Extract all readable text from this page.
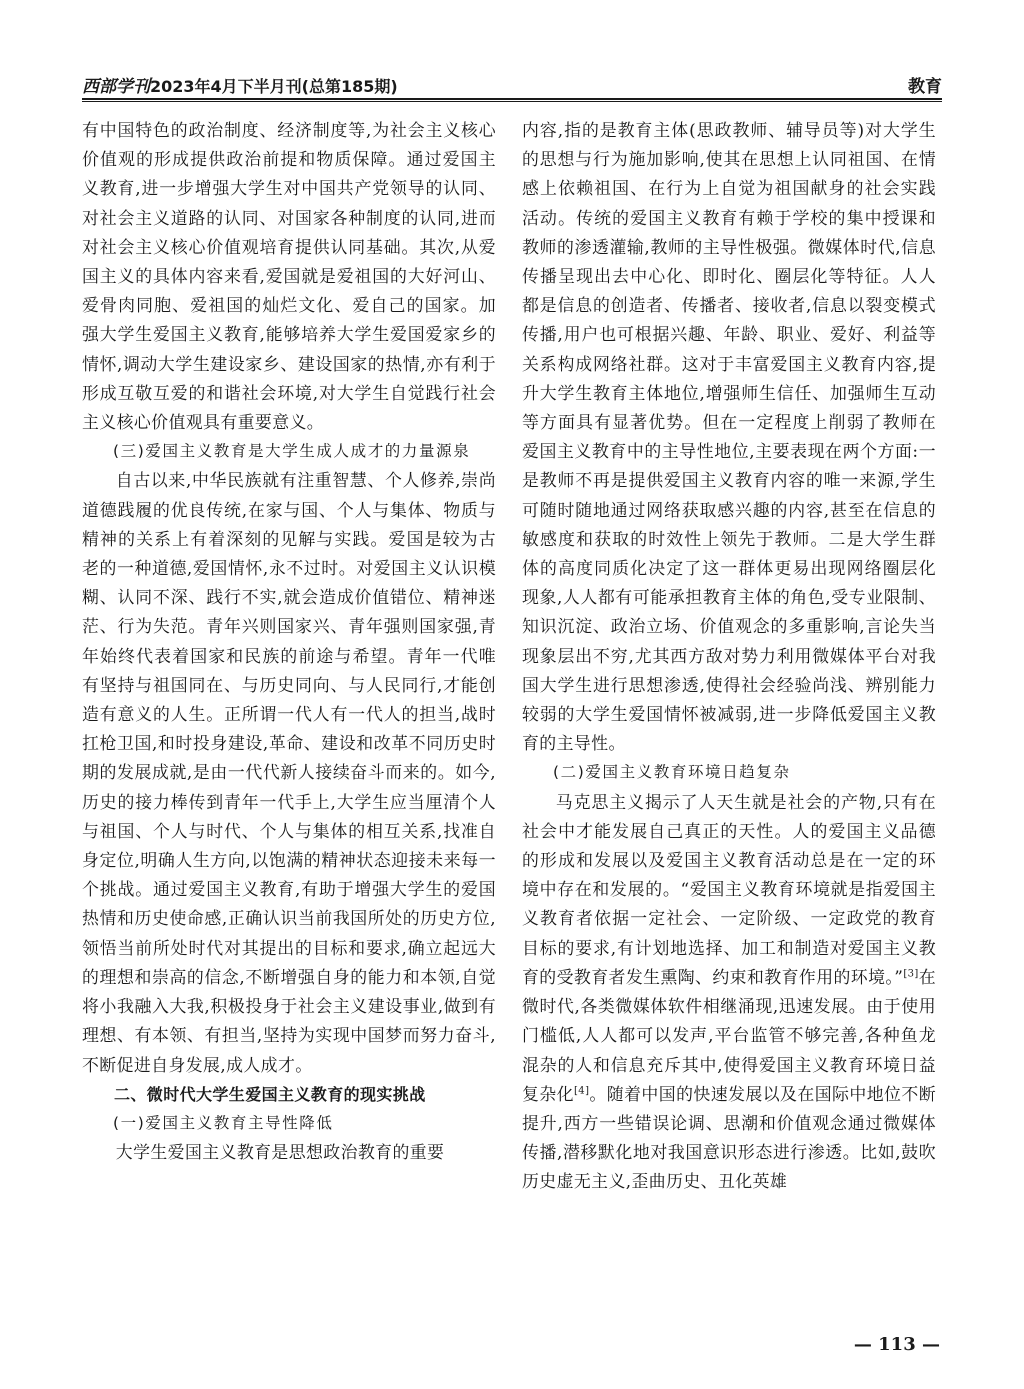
西部学刊2023年4月下半月刊(总第185期)	教育

有中国特色的政治制度、经济制度等,为社会主义核心价值观的形成提供政治前提和物质保障。通过爱国主义教育,进一步增强大学生对中国共产党领导的认同、对社会主义道路的认同、对国家各种制度的认同,进而对社会主义核心价值观培育提供认同基础。其次,从爱国主义的具体内容来看,爱国就是爱祖国的大好河山、爱骨肉同胞、爱祖国的灿烂文化、爱自己的国家。加强大学生爱国主义教育,能够培养大学生爱国爱家乡的情怀,调动大学生建设家乡、建设国家的热情,亦有利于形成互敬互爱的和谐社会环境,对大学生自觉践行社会主义核心价值观具有重要意义。

(三)爱国主义教育是大学生成人成才的力量源泉

自古以来,中华民族就有注重智慧、个人修养,崇尚道德践履的优良传统,在家与国、个人与集体、物质与精神的关系上有着深刻的见解与实践。爱国是较为古老的一种道德,爱国情怀,永不过时。对爱国主义认识模糊、认同不深、践行不实,就会造成价值错位、精神迷茫、行为失范。青年兴则国家兴、青年强则国家强,青年始终代表着国家和民族的前途与希望。青年一代唯有坚持与祖国同在、与历史同向、与人民同行,才能创造有意义的人生。正所谓一代人有一代人的担当,战时扛枪卫国,和时投身建设,革命、建设和改革不同历史时期的发展成就,是由一代代新人接续奋斗而来的。如今,历史的接力棒传到青年一代手上,大学生应当厘清个人与祖国、个人与时代、个人与集体的相互关系,找准自身定位,明确人生方向,以饱满的精神状态迎接未来每一个挑战。通过爱国主义教育,有助于增强大学生的爱国热情和历史使命感,正确认识当前我国所处的历史方位,领悟当前所处时代对其提出的目标和要求,确立起远大的理想和崇高的信念,不断增强自身的能力和本领,自觉将小我融入大我,积极投身于社会主义建设事业,做到有理想、有本领、有担当,坚持为实现中国梦而努力奋斗,不断促进自身发展,成人成才。

二、微时代大学生爱国主义教育的现实挑战

(一)爱国主义教育主导性降低

大学生爱国主义教育是思想政治教育的重要

内容,指的是教育主体(思政教师、辅导员等)对大学生的思想与行为施加影响,使其在思想上认同祖国、在情感上依赖祖国、在行为上自觉为祖国献身的社会实践活动。传统的爱国主义教育有赖于学校的集中授课和教师的渗透灌输,教师的主导性极强。微媒体时代,信息传播呈现出去中心化、即时化、圈层化等特征。人人都是信息的创造者、传播者、接收者,信息以裂变模式传播,用户也可根据兴趣、年龄、职业、爱好、利益等关系构成网络社群。这对于丰富爱国主义教育内容,提升大学生教育主体地位,增强师生信任、加强师生互动等方面具有显著优势。但在一定程度上削弱了教师在爱国主义教育中的主导性地位,主要表现在两个方面:一是教师不再是提供爱国主义教育内容的唯一来源,学生可随时随地通过网络获取感兴趣的内容,甚至在信息的敏感度和获取的时效性上领先于教师。二是大学生群体的高度同质化决定了这一群体更易出现网络圈层化现象,人人都有可能承担教育主体的角色,受专业限制、知识沉淀、政治立场、价值观念的多重影响,言论失当现象层出不穷,尤其西方敌对势力利用微媒体平台对我国大学生进行思想渗透,使得社会经验尚浅、辨别能力较弱的大学生爱国情怀被减弱,进一步降低爱国主义教育的主导性。

(二)爱国主义教育环境日趋复杂

马克思主义揭示了人天生就是社会的产物,只有在社会中才能发展自己真正的天性。人的爱国主义品德的形成和发展以及爱国主义教育活动总是在一定的环境中存在和发展的。“爱国主义教育环境就是指爱国主义教育者依据一定社会、一定阶级、一定政党的教育目标的要求,有计划地选择、加工和制造对爱国主义教育的受教育者发生熏陶、约束和教育作用的环境。”[3]在微时代,各类微媒体软件相继涌现,迅速发展。由于使用门槛低,人人都可以发声,平台监管不够完善,各种鱼龙混杂的人和信息充斥其中,使得爱国主义教育环境日益复杂化[4]。随着中国的快速发展以及在国际中地位不断提升,西方一些错误论调、思潮和价值观念通过微媒体传播,潜移默化地对我国意识形态进行渗透。比如,鼓吹历史虚无主义,歪曲历史、丑化英雄

— 113 —
